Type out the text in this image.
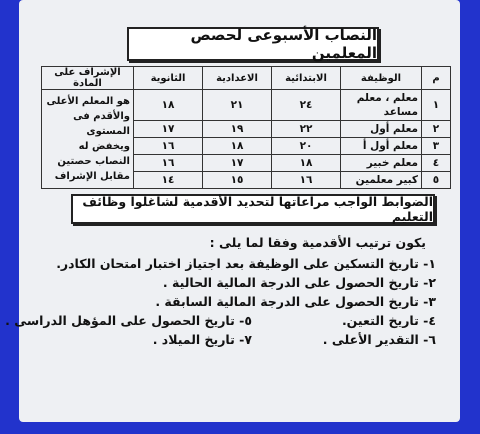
النصاب الأسبوعى لحصص المعلمين
م	الوظيفة	الابتدائية	الاعدادية	الثانوية	الإشراف على المادة
١	معلم ، معلم مساعد	٢٤	٢١	١٨	هو المعلم الأعلى والأقدم فى المستوى ويخفض له النصاب حصتين مقابل الإشراف
٢	معلم أول	٢٢	١٩	١٧	
٣	معلم أول أ	٢٠	١٨	١٦	
٤	معلم خبير	١٨	١٧	١٦	
٥	كبير معلمين	١٦	١٥	١٤	
الضوابط الواجب مراعاتها لتحديد الأقدمية لشاغلوا وظائف التعليم
يكون ترتيب الأقدمية وفقا لما يلى :
١- تاريخ التسكين على الوظيفة بعد اجتياز اختبار امتحان الكادر.
٢- تاريخ الحصول على الدرجة المالية الحالية .
٣- تاريخ الحصول على الدرجة المالية السابقة .
٤- تاريخ التعين.
٥- تاريخ الحصول على المؤهل الدراسى .
٦- التقدير الأعلى .
٧- تاريخ الميلاد .
